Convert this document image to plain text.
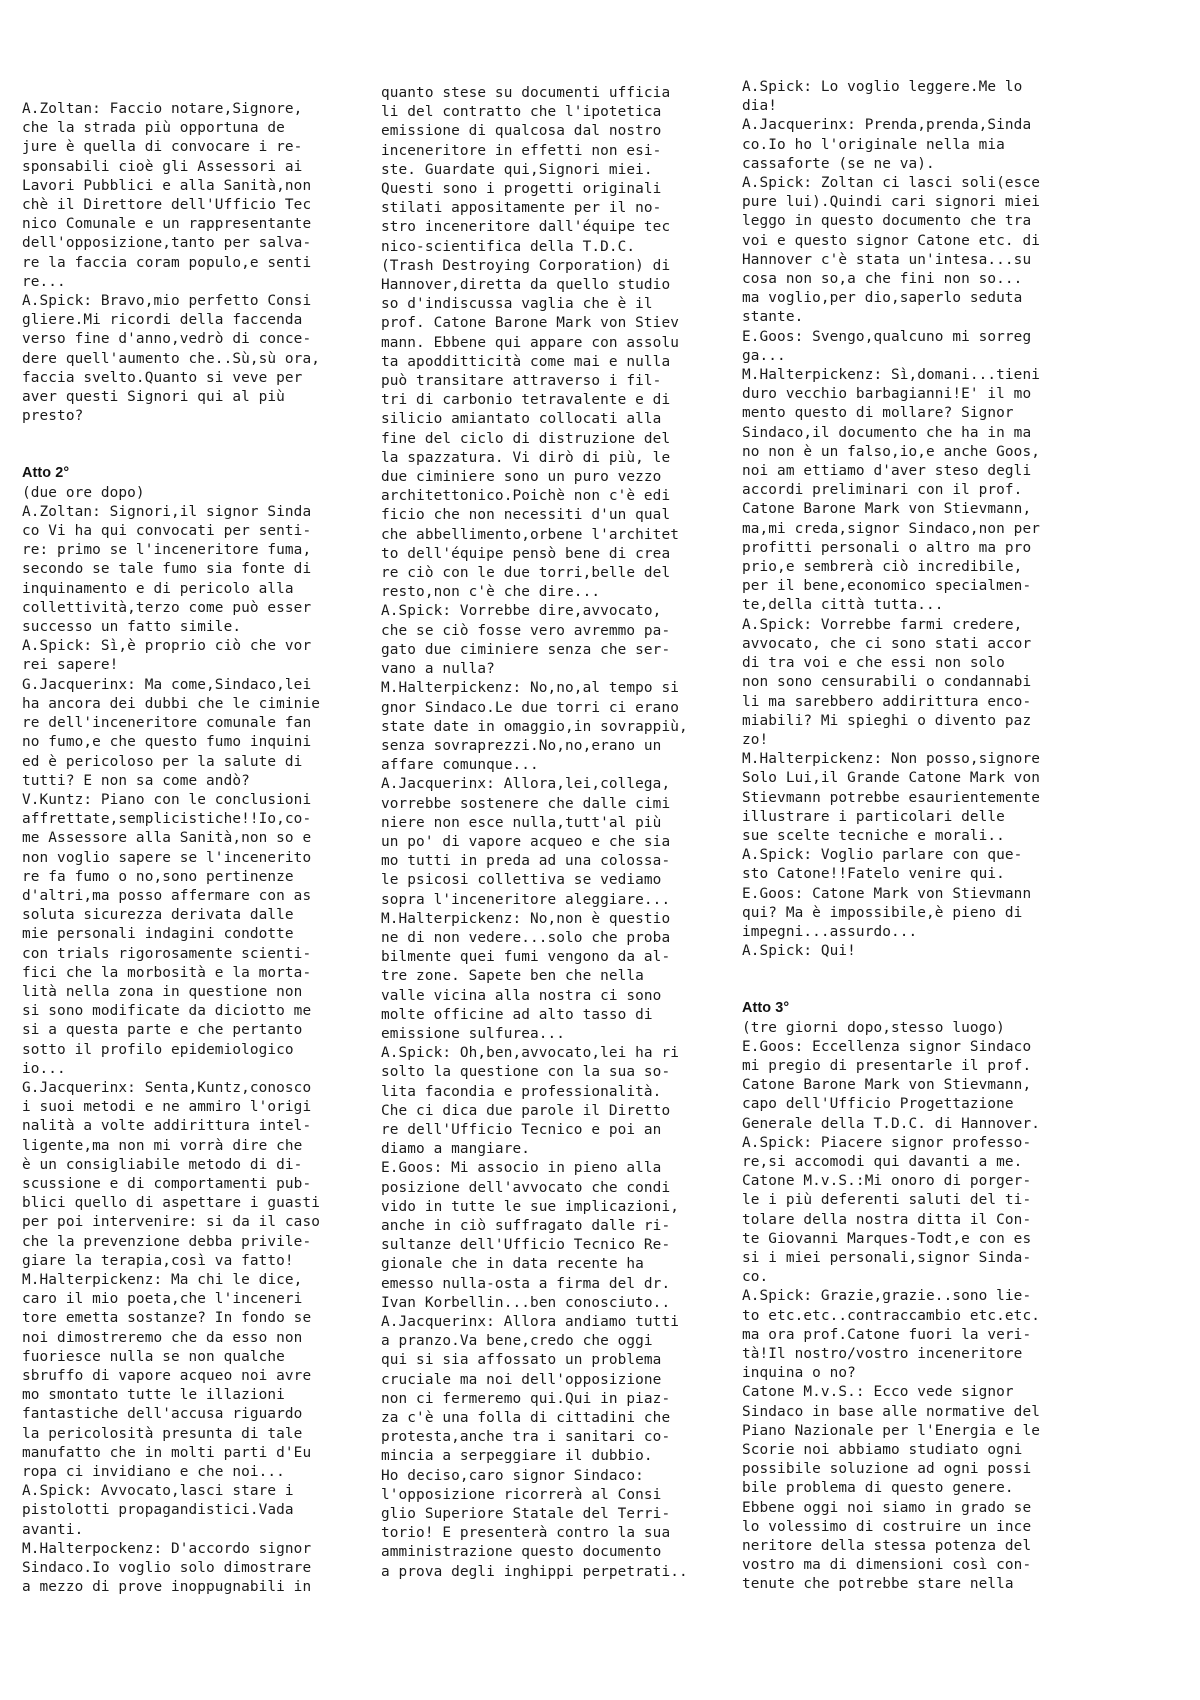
A.Zoltan: Faccio notare,Signore,

che la strada più opportuna de

jure è quella di convocare i re-

sponsabili cioè gli Assessori ai

Lavori Pubblici e alla Sanità,non

chè il Direttore dell'Ufficio Tec

nico Comunale e un rappresentante

dell'opposizione,tanto per salva-

re la faccia coram populo,e senti

re...

A.Spick: Bravo,mio perfetto Consi

gliere.Mi ricordi della faccenda

verso fine d'anno,vedrò di conce-

dere quell'aumento che..Sù,sù ora,

faccia svelto.Quanto si veve per

aver questi Signori qui al più

presto?

Atto 2°

(due ore dopo)

A.Zoltan: Signori,il signor Sinda

co Vi ha qui convocati per senti-

re: primo se l'inceneritore fuma,

secondo se tale fumo sia fonte di

inquinamento e di pericolo alla

collettività,terzo come può esser

successo un fatto simile.

A.Spick: Sì,è proprio ciò che vor

rei sapere!

G.Jacquerinx: Ma come,Sindaco,lei

ha ancora dei dubbi che le ciminie

re dell'inceneritore comunale fan

no fumo,e che questo fumo inquini

ed è pericoloso per la salute di

tutti? E non sa come andò?

V.Kuntz: Piano con le conclusioni

affrettate,semplicistiche!!Io,co-

me Assessore alla Sanità,non so e

non voglio sapere se l'incenerito

re fa fumo o no,sono pertinenze

d'altri,ma posso affermare con as

soluta sicurezza derivata dalle

mie personali indagini condotte

con trials rigorosamente scienti-

fici che la morbosità e la morta-

lità nella zona in questione non

si sono modificate da diciotto me

si a questa parte e che pertanto

sotto il profilo epidemiologico

io...

G.Jacquerinx: Senta,Kuntz,conosco

i suoi metodi e ne ammiro l'origi

nalità a volte addirittura intel-

ligente,ma non mi vorrà dire che

è un consigliabile metodo di di-

scussione e di comportamenti pub-

blici quello di aspettare i guasti

per poi intervenire: si da il caso

che la prevenzione debba privile-

giare la terapia,così va fatto!

M.Halterpickenz: Ma chi le dice,

caro il mio poeta,che l'inceneri

tore emetta sostanze? In fondo se

noi dimostreremo che da esso non

fuoriesce nulla se non qualche

sbruffo di vapore acqueo noi avre

mo smontato tutte le illazioni

fantastiche dell'accusa riguardo

la pericolosità presunta di tale

manufatto che in molti parti d'Eu

ropa ci invidiano e che noi...

A.Spick: Avvocato,lasci stare i

pistolotti propagandistici.Vada

avanti.

M.Halterpockenz: D'accordo signor

Sindaco.Io voglio solo dimostrare

a mezzo di prove inoppugnabili in

quanto stese su documenti ufficia

li del contratto che l'ipotetica

emissione di qualcosa dal nostro

inceneritore in effetti non esi-

ste. Guardate qui,Signori miei.

Questi sono i progetti originali

stilati appositamente per il no-

stro inceneritore dall'équipe tec

nico-scientifica della T.D.C.

(Trash Destroying Corporation) di

Hannover,diretta da quello studio

so d'indiscussa vaglia che è il

prof. Catone Barone Mark von Stiev

mann. Ebbene qui appare con assolu

ta apodditticità come mai e nulla

può transitare attraverso i fil-

tri di carbonio tetravalente e di

silicio amiantato collocati alla

fine del ciclo di distruzione del

la spazzatura. Vi dirò di più, le

due ciminiere sono un puro vezzo

architettonico.Poichè non c'è edi

ficio che non necessiti d'un qual

che abbellimento,orbene l'architet

to dell'équipe pensò bene di crea

re ciò con le due torri,belle del

resto,non c'è che dire...

A.Spick: Vorrebbe dire,avvocato,

che se ciò fosse vero avremmo pa-

gato due ciminiere senza che ser-

vano a nulla?

M.Halterpickenz: No,no,al tempo si

gnor Sindaco.Le due torri ci erano

state date in omaggio,in sovrappiù,

senza sovraprezzi.No,no,erano un

affare comunque...

A.Jacquerinx: Allora,lei,collega,

vorrebbe sostenere che dalle cimi

niere non esce nulla,tutt'al più

un po' di vapore acqueo e che sia

mo tutti in preda ad una colossa-

le psicosi collettiva se vediamo

sopra l'inceneritore aleggiare...

M.Halterpickenz: No,non è questio

ne di non vedere...solo che proba

bilmente quei fumi vengono da al-

tre zone. Sapete ben che nella

valle vicina alla nostra ci sono

molte officine ad alto tasso di

emissione sulfurea...

A.Spick: Oh,ben,avvocato,lei ha ri

solto la questione con la sua so-

lita facondia e professionalità.

Che ci dica due parole il Diretto

re dell'Ufficio Tecnico e poi an

diamo a mangiare.

E.Goos: Mi associo in pieno alla

posizione dell'avvocato che condi

vido in tutte le sue implicazioni,

anche in ciò suffragato dalle ri-

sultanze dell'Ufficio Tecnico Re-

gionale che in data recente ha

emesso nulla-osta a firma del dr.

Ivan Korbellin...ben conosciuto..

A.Jacquerinx: Allora andiamo tutti

a pranzo.Va bene,credo che oggi

qui si sia affossato un problema

cruciale ma noi dell'opposizione

non ci fermeremo qui.Qui in piaz-

za c'è una folla di cittadini che

protesta,anche tra i sanitari co-

mincia a serpeggiare il dubbio.

Ho deciso,caro signor Sindaco:

l'opposizione ricorrerà al Consi

glio Superiore Statale del Terri-

torio! E presenterà contro la sua

amministrazione questo documento

a prova degli inghippi perpetrati..

A.Spick: Lo voglio leggere.Me lo

dia!

A.Jacquerinx: Prenda,prenda,Sinda

co.Io ho l'originale nella mia

cassaforte (se ne va).

A.Spick: Zoltan ci lasci soli(esce

pure lui).Quindi cari signori miei

leggo in questo documento che tra

voi e questo signor Catone etc. di

Hannover c'è stata un'intesa...su

cosa non so,a che fini non so...

ma voglio,per dio,saperlo seduta

stante.

E.Goos: Svengo,qualcuno mi sorreg

ga...

M.Halterpickenz: Sì,domani...tieni

duro vecchio barbagianni!E' il mo

mento questo di mollare? Signor

Sindaco,il documento che ha in ma

no non è un falso,io,e anche Goos,

noi am ettiamo d'aver steso degli

accordi preliminari con il prof.

Catone Barone Mark von Stievmann,

ma,mi creda,signor Sindaco,non per

profitti personali o altro ma pro

prio,e sembrerà ciò incredibile,

per il bene,economico specialmen-

te,della città tutta...

A.Spick: Vorrebbe farmi credere,

avvocato, che ci sono stati accor

di tra voi e che essi non solo

non sono censurabili o condannabi

li ma sarebbero addirittura enco-

miabili? Mi spieghi o divento paz

zo!

M.Halterpickenz: Non posso,signore

Solo Lui,il Grande Catone Mark von

Stievmann potrebbe esaurientemente

illustrare i particolari delle

sue scelte tecniche e morali..

A.Spick: Voglio parlare con que-

sto Catone!!Fatelo venire qui.

E.Goos: Catone Mark von Stievmann

qui? Ma è impossibile,è pieno di

impegni...assurdo...

A.Spick: Qui!

Atto 3°

(tre giorni dopo,stesso luogo)

E.Goos: Eccellenza signor Sindaco

mi pregio di presentarle il prof.

Catone Barone Mark von Stievmann,

capo dell'Ufficio Progettazione

Generale della T.D.C. di Hannover.

A.Spick: Piacere signor professo-

re,si accomodi qui davanti a me.

Catone M.v.S.:Mi onoro di porger-

le i più deferenti saluti del ti-

tolare della nostra ditta il Con-

te Giovanni Marques-Todt,e con es

si i miei personali,signor Sinda-

co.

A.Spick: Grazie,grazie..sono lie-

to etc.etc..contraccambio etc.etc.

ma ora prof.Catone fuori la veri-

tà!Il nostro/vostro inceneritore

inquina o no?

Catone M.v.S.: Ecco vede signor

Sindaco in base alle normative del

Piano Nazionale per l'Energia e le

Scorie noi abbiamo studiato ogni

possibile soluzione ad ogni possi

bile problema di questo genere.

Ebbene oggi noi siamo in grado se

lo volessimo di costruire un ince

neritore della stessa potenza del

vostro ma di dimensioni così con-

tenute che potrebbe stare nella
